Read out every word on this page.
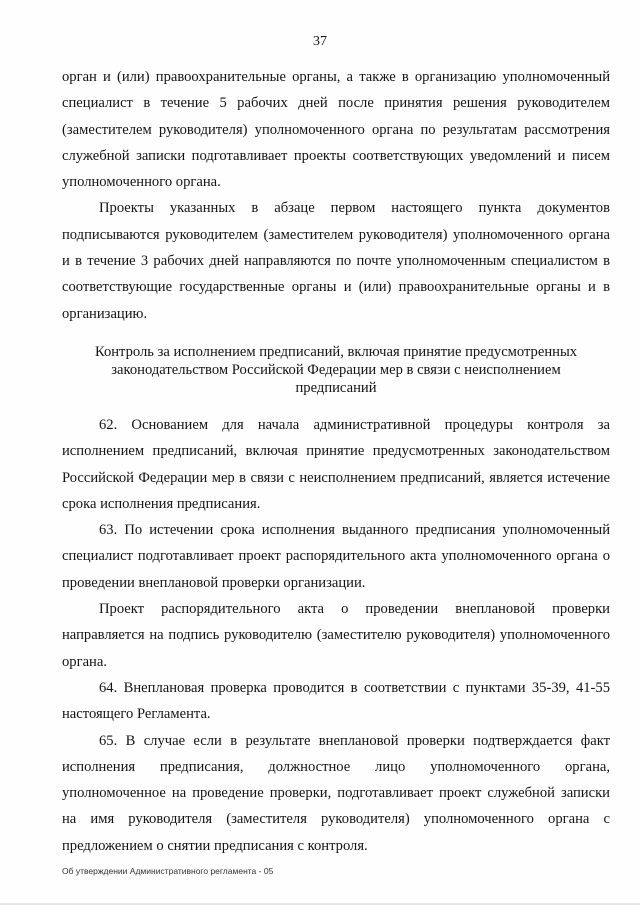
37

орган и (или) правоохранительные органы, а также в организацию уполномоченный специалист в течение 5 рабочих дней после принятия решения руководителем (заместителем руководителя) уполномоченного органа по результатам рассмотрения служебной записки подготавливает проекты соответствующих уведомлений и писем уполномоченного органа.

Проекты указанных в абзаце первом настоящего пункта документов подписываются руководителем (заместителем руководителя) уполномоченного органа и в течение 3 рабочих дней направляются по почте уполномоченным специалистом в соответствующие государственные органы и (или) правоохранительные органы и в организацию.

Контроль за исполнением предписаний, включая принятие предусмотренных
законодательством Российской Федерации мер в связи с неисполнением
предписаний

62. Основанием для начала административной процедуры контроля за исполнением предписаний, включая принятие предусмотренных законодательством Российской Федерации мер в связи с неисполнением предписаний, является истечение срока исполнения предписания.

63. По истечении срока исполнения выданного предписания уполномоченный специалист подготавливает проект распорядительного акта уполномоченного органа о проведении внеплановой проверки организации.

Проект распорядительного акта о проведении внеплановой проверки направляется на подпись руководителю (заместителю руководителя) уполномоченного органа.

64. Внеплановая проверка проводится в соответствии с пунктами 35-39, 41-55 настоящего Регламента.

65. В случае если в результате внеплановой проверки подтверждается факт исполнения предписания, должностное лицо уполномоченного органа, уполномоченное на проведение проверки, подготавливает проект служебной записки на имя руководителя (заместителя руководителя) уполномоченного органа с предложением о снятии предписания с контроля.

Об утверждении Административного регламента - 05
